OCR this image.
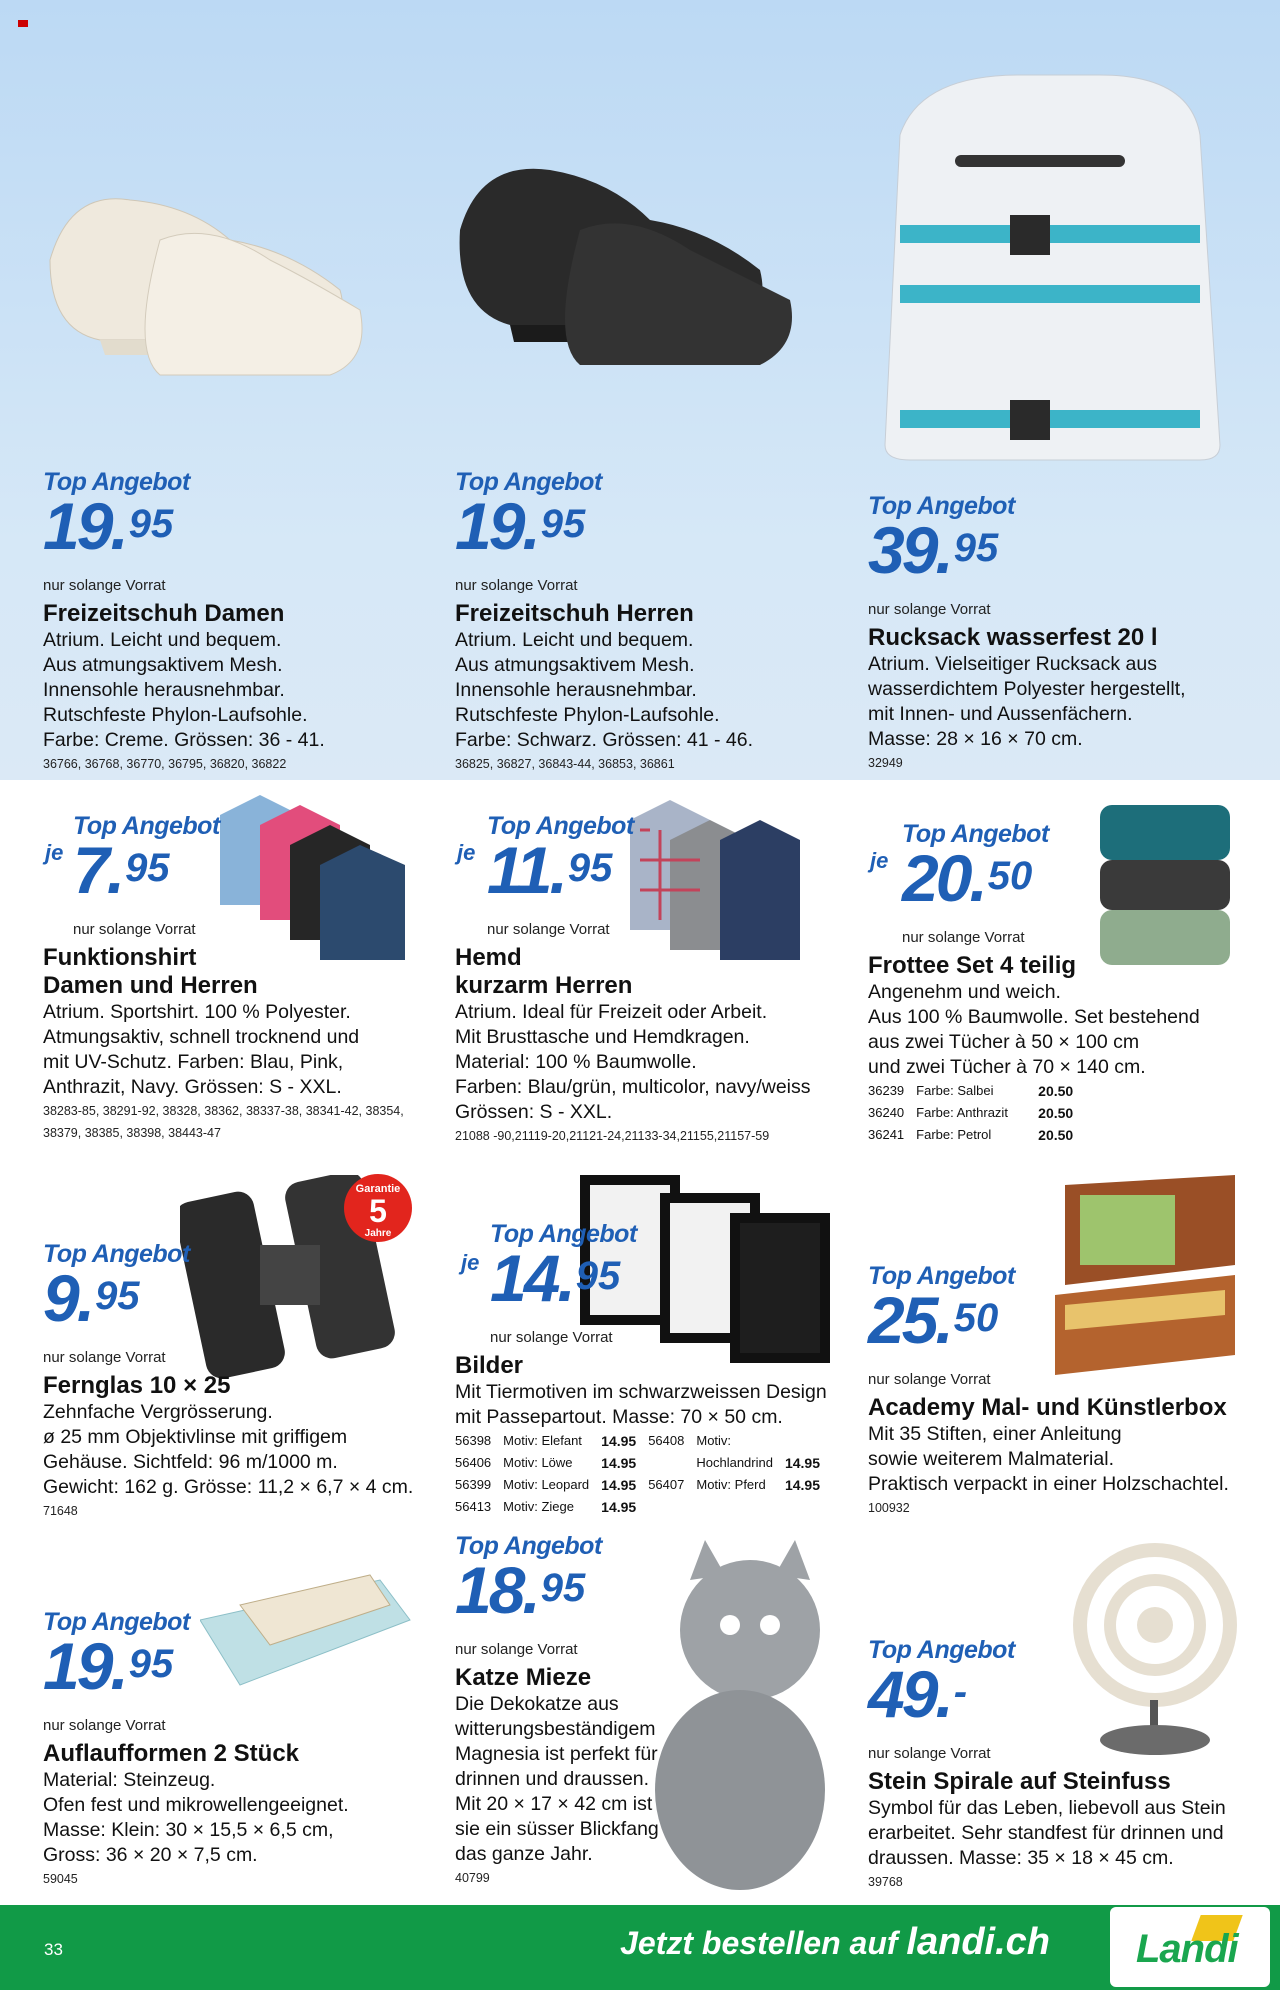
Garantie
5
Jahre
Top Angebot
19.95
nur solange Vorrat
Freizeitschuh Damen
Atrium. Leicht und bequem.
Aus atmungsaktivem Mesh.
Innensohle herausnehmbar.
Rutschfeste Phylon-Laufsohle.
Farbe: Creme. Grössen: 36 - 41.
36766, 36768, 36770, 36795, 36820, 36822
Top Angebot
19.95
nur solange Vorrat
Freizeitschuh Herren
Atrium. Leicht und bequem.
Aus atmungsaktivem Mesh.
Innensohle herausnehmbar.
Rutschfeste Phylon-Laufsohle.
Farbe: Schwarz. Grössen: 41 - 46.
36825, 36827, 36843-44, 36853, 36861
Top Angebot
39.95
nur solange Vorrat
Rucksack wasserfest 20 l
Atrium. Vielseitiger Rucksack aus
wasserdichtem Polyester hergestellt,
mit Innen- und Aussenfächern.
Masse: 28 × 16 × 70 cm.
32949
je
Top Angebot
7.95
nur solange Vorrat
Funktionshirt
Damen und Herren
Atrium. Sportshirt. 100 % Polyester.
Atmungsaktiv, schnell trocknend und
mit UV-Schutz. Farben: Blau, Pink,
Anthrazit, Navy. Grössen: S - XXL.
38283-85, 38291-92, 38328, 38362, 38337-38, 38341-42, 38354,
38379, 38385, 38398, 38443-47
je
Top Angebot
11.95
nur solange Vorrat
Hemd
kurzarm Herren
Atrium. Ideal für Freizeit oder Arbeit.
Mit Brusttasche und Hemdkragen.
Material: 100 % Baumwolle.
Farben: Blau/grün, multicolor, navy/weiss
Grössen: S - XXL.
21088 -90,21119-20,21121-24,21133-34,21155,21157-59
je
Top Angebot
20.50
nur solange Vorrat
Frottee Set 4 teilig
Angenehm und weich.
Aus 100 % Baumwolle. Set bestehend
aus zwei Tücher à 50 × 100 cm
und zwei Tücher à 70 × 140 cm.
36239	Farbe: Salbei	20.50
36240	Farbe: Anthrazit	20.50
36241	Farbe: Petrol	20.50
Top Angebot
9.95
nur solange Vorrat
Fernglas 10 × 25
Zehnfache Vergrösserung.
ø 25 mm Objektivlinse mit griffigem
Gehäuse. Sichtfeld: 96 m/1000 m.
Gewicht: 162 g. Grösse: 11,2 × 6,7 × 4 cm.
71648
je
Top Angebot
14.95
nur solange Vorrat
Bilder
Mit Tiermotiven im schwarzweissen Design
mit Passepartout. Masse: 70 × 50 cm.
56398	Motiv: Elefant	14.95	56408	Motiv:	
56406	Motiv: Löwe	14.95		Hochlandrind	14.95
56399	Motiv: Leopard	14.95	56407	Motiv: Pferd	14.95
56413	Motiv: Ziege	14.95			
Top Angebot
25.50
nur solange Vorrat
Academy Mal- und Künstlerbox
Mit 35 Stiften, einer Anleitung
sowie weiterem Malmaterial.
Praktisch verpackt in einer Holzschachtel.
100932
Top Angebot
19.95
nur solange Vorrat
Auflaufformen 2 Stück
Material: Steinzeug.
Ofen fest und mikrowellengeeignet.
Masse: Klein: 30 × 15,5 × 6,5 cm,
Gross: 36 × 20 × 7,5 cm.
59045
Top Angebot
18.95
nur solange Vorrat
Katze Mieze
Die Dekokatze aus
witterungsbeständigem
Magnesia ist perfekt für
drinnen und draussen.
Mit 20 × 17 × 42 cm ist
sie ein süsser Blickfang
das ganze Jahr.
40799
Top Angebot
49.-
nur solange Vorrat
Stein Spirale auf Steinfuss
Symbol für das Leben, liebevoll aus Stein
erarbeitet. Sehr standfest für drinnen und
draussen. Masse: 35 × 18 × 45 cm.
39768
33	Jetzt bestellen auf landi.ch Landi
